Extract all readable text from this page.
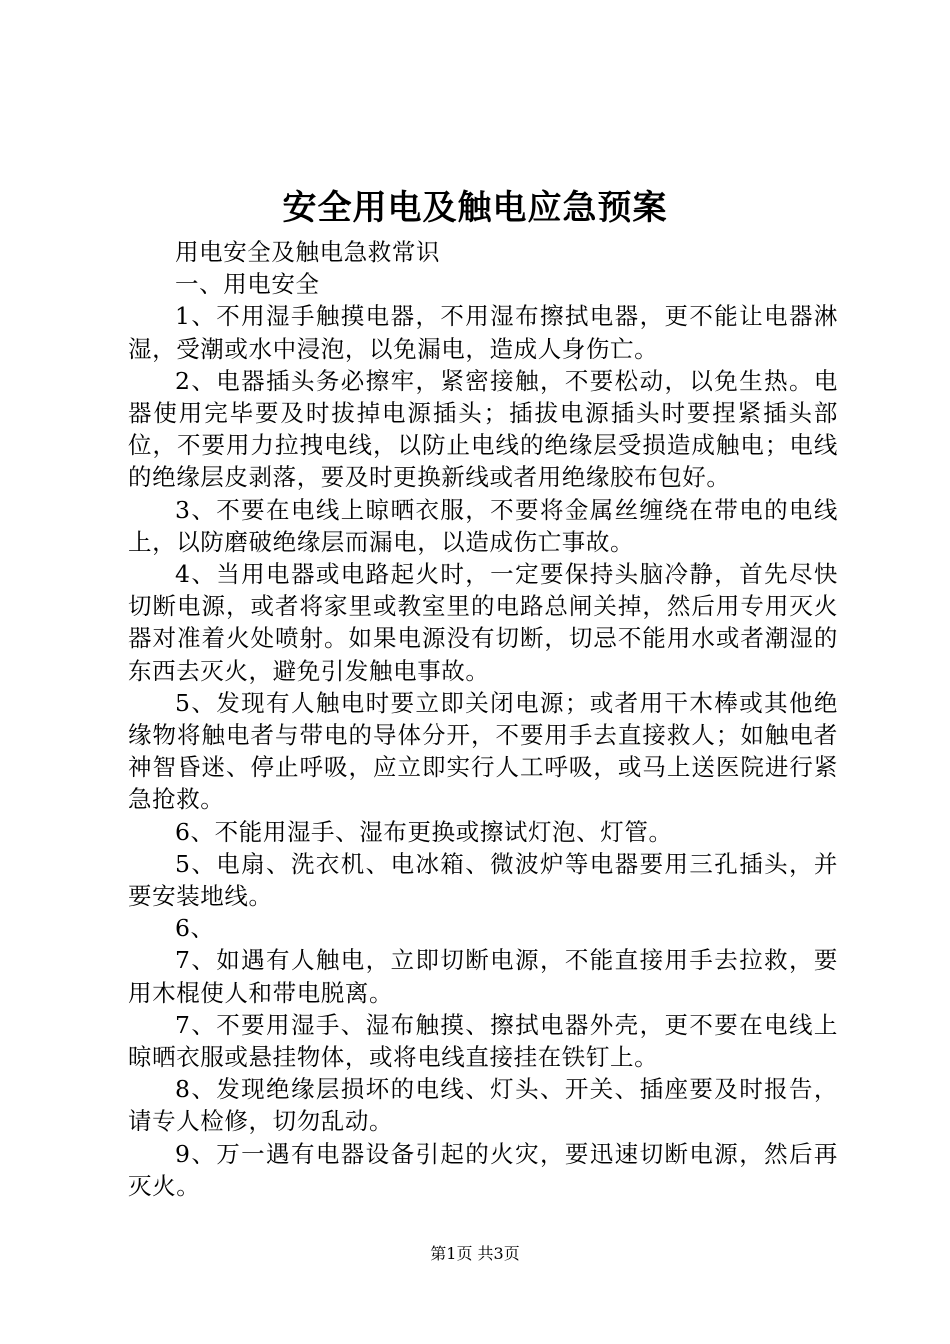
安全用电及触电应急预案

用电安全及触电急救常识

一、用电安全

1、不用湿手触摸电器，不用湿布擦拭电器，更不能让电器淋湿，受潮或水中浸泡，以免漏电，造成人身伤亡。

2、电器插头务必擦牢，紧密接触，不要松动，以免生热。电器使用完毕要及时拔掉电源插头；插拔电源插头时要捏紧插头部位，不要用力拉拽电线，以防止电线的绝缘层受损造成触电；电线的绝缘层皮剥落，要及时更换新线或者用绝缘胶布包好。

3、不要在电线上晾晒衣服，不要将金属丝缠绕在带电的电线上，以防磨破绝缘层而漏电，以造成伤亡事故。

4、当用电器或电路起火时，一定要保持头脑冷静，首先尽快切断电源，或者将家里或教室里的电路总闸关掉，然后用专用灭火器对准着火处喷射。如果电源没有切断，切忌不能用水或者潮湿的东西去灭火，避免引发触电事故。

5、发现有人触电时要立即关闭电源；或者用干木棒或其他绝缘物将触电者与带电的导体分开，不要用手去直接救人；如触电者神智昏迷、停止呼吸，应立即实行人工呼吸，或马上送医院进行紧急抢救。

6、不能用湿手、湿布更换或擦试灯泡、灯管。

5、电扇、洗衣机、电冰箱、微波炉等电器要用三孔插头，并要安装地线。

6、

7、如遇有人触电，立即切断电源，不能直接用手去拉救，要用木棍使人和带电脱离。

7、不要用湿手、湿布触摸、擦拭电器外壳，更不要在电线上晾晒衣服或悬挂物体，或将电线直接挂在铁钉上。

8、发现绝缘层损坏的电线、灯头、开关、插座要及时报告，请专人检修，切勿乱动。

9、万一遇有电器设备引起的火灾，要迅速切断电源，然后再灭火。

第1页 共3页
